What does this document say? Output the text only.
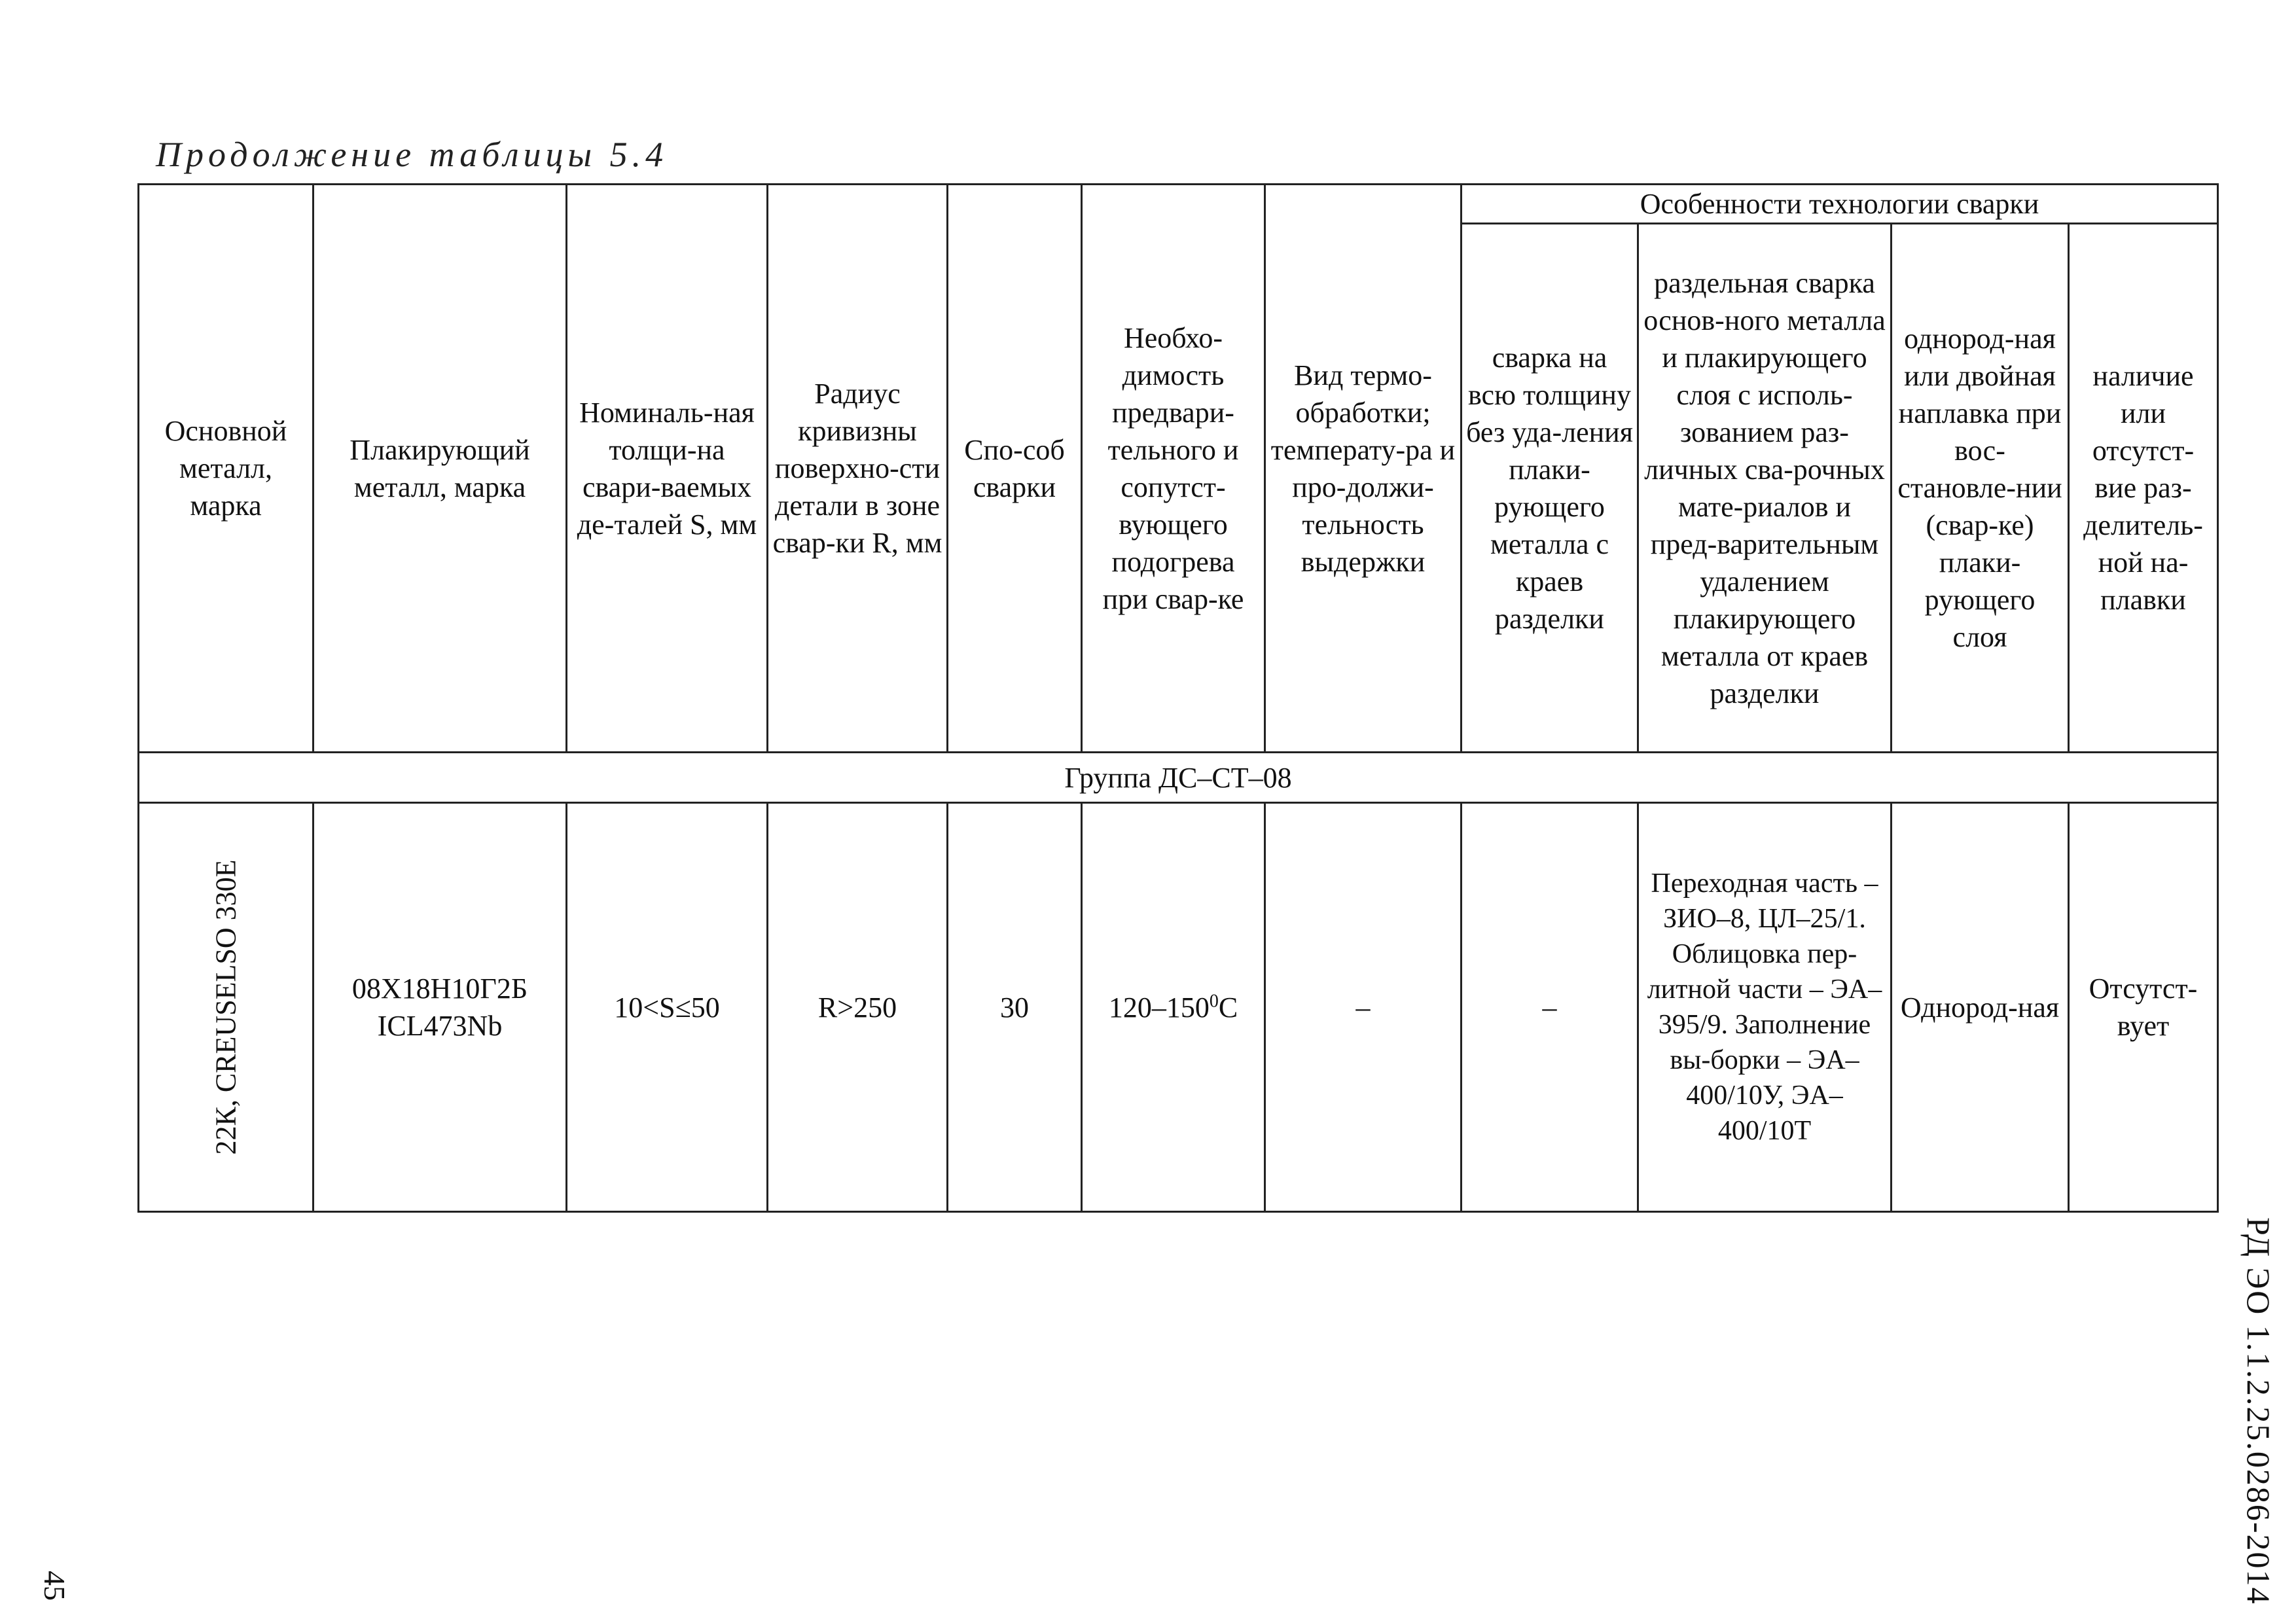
Продолжение таблицы 5.4
Основной металл, марка	Плакирующий металл, марка	Номиналь-ная толщи-на свари-ваемых де-талей S, мм	Радиус кривизны поверхно-сти детали в зоне свар-ки R, мм	Спо-соб сварки	Необхо-димость предвари-тельного и сопутст-вующего подогрева при свар-ке	Вид термо-обработки; температу-ра и про-должи-тельность выдержки	Особенности технологии сварки			
							сварка на всю толщину без уда-ления плаки-рующего металла с краев разделки	раздельная сварка основ-ного металла и плакирующего слоя с исполь-зованием раз-личных сва-рочных мате-риалов и пред-варительным удалением плакирующего металла от краев разделки	однород-ная или двойная наплавка при вос-становле-нии (свар-ке) плаки-рующего слоя	наличие или отсутст-вие раз-делитель-ной на-плавки
Группа ДС–СТ–08										

22К, CREUSELSO 330E	08Х18Н10Г2Б ICL473Nb	10<S≤50	R>250	30	$120-150^0С$	–	–	Переходная часть – ЗИО–8, ЦЛ–25/1. Облицовка пер-литной части – ЭА–395/9. Заполнение вы-борки – ЭА–400/10У, ЭА–400/10Т	Однород-ная	Отсутст-вует
РД ЭО 1.1.2.25.0286-2014
45
